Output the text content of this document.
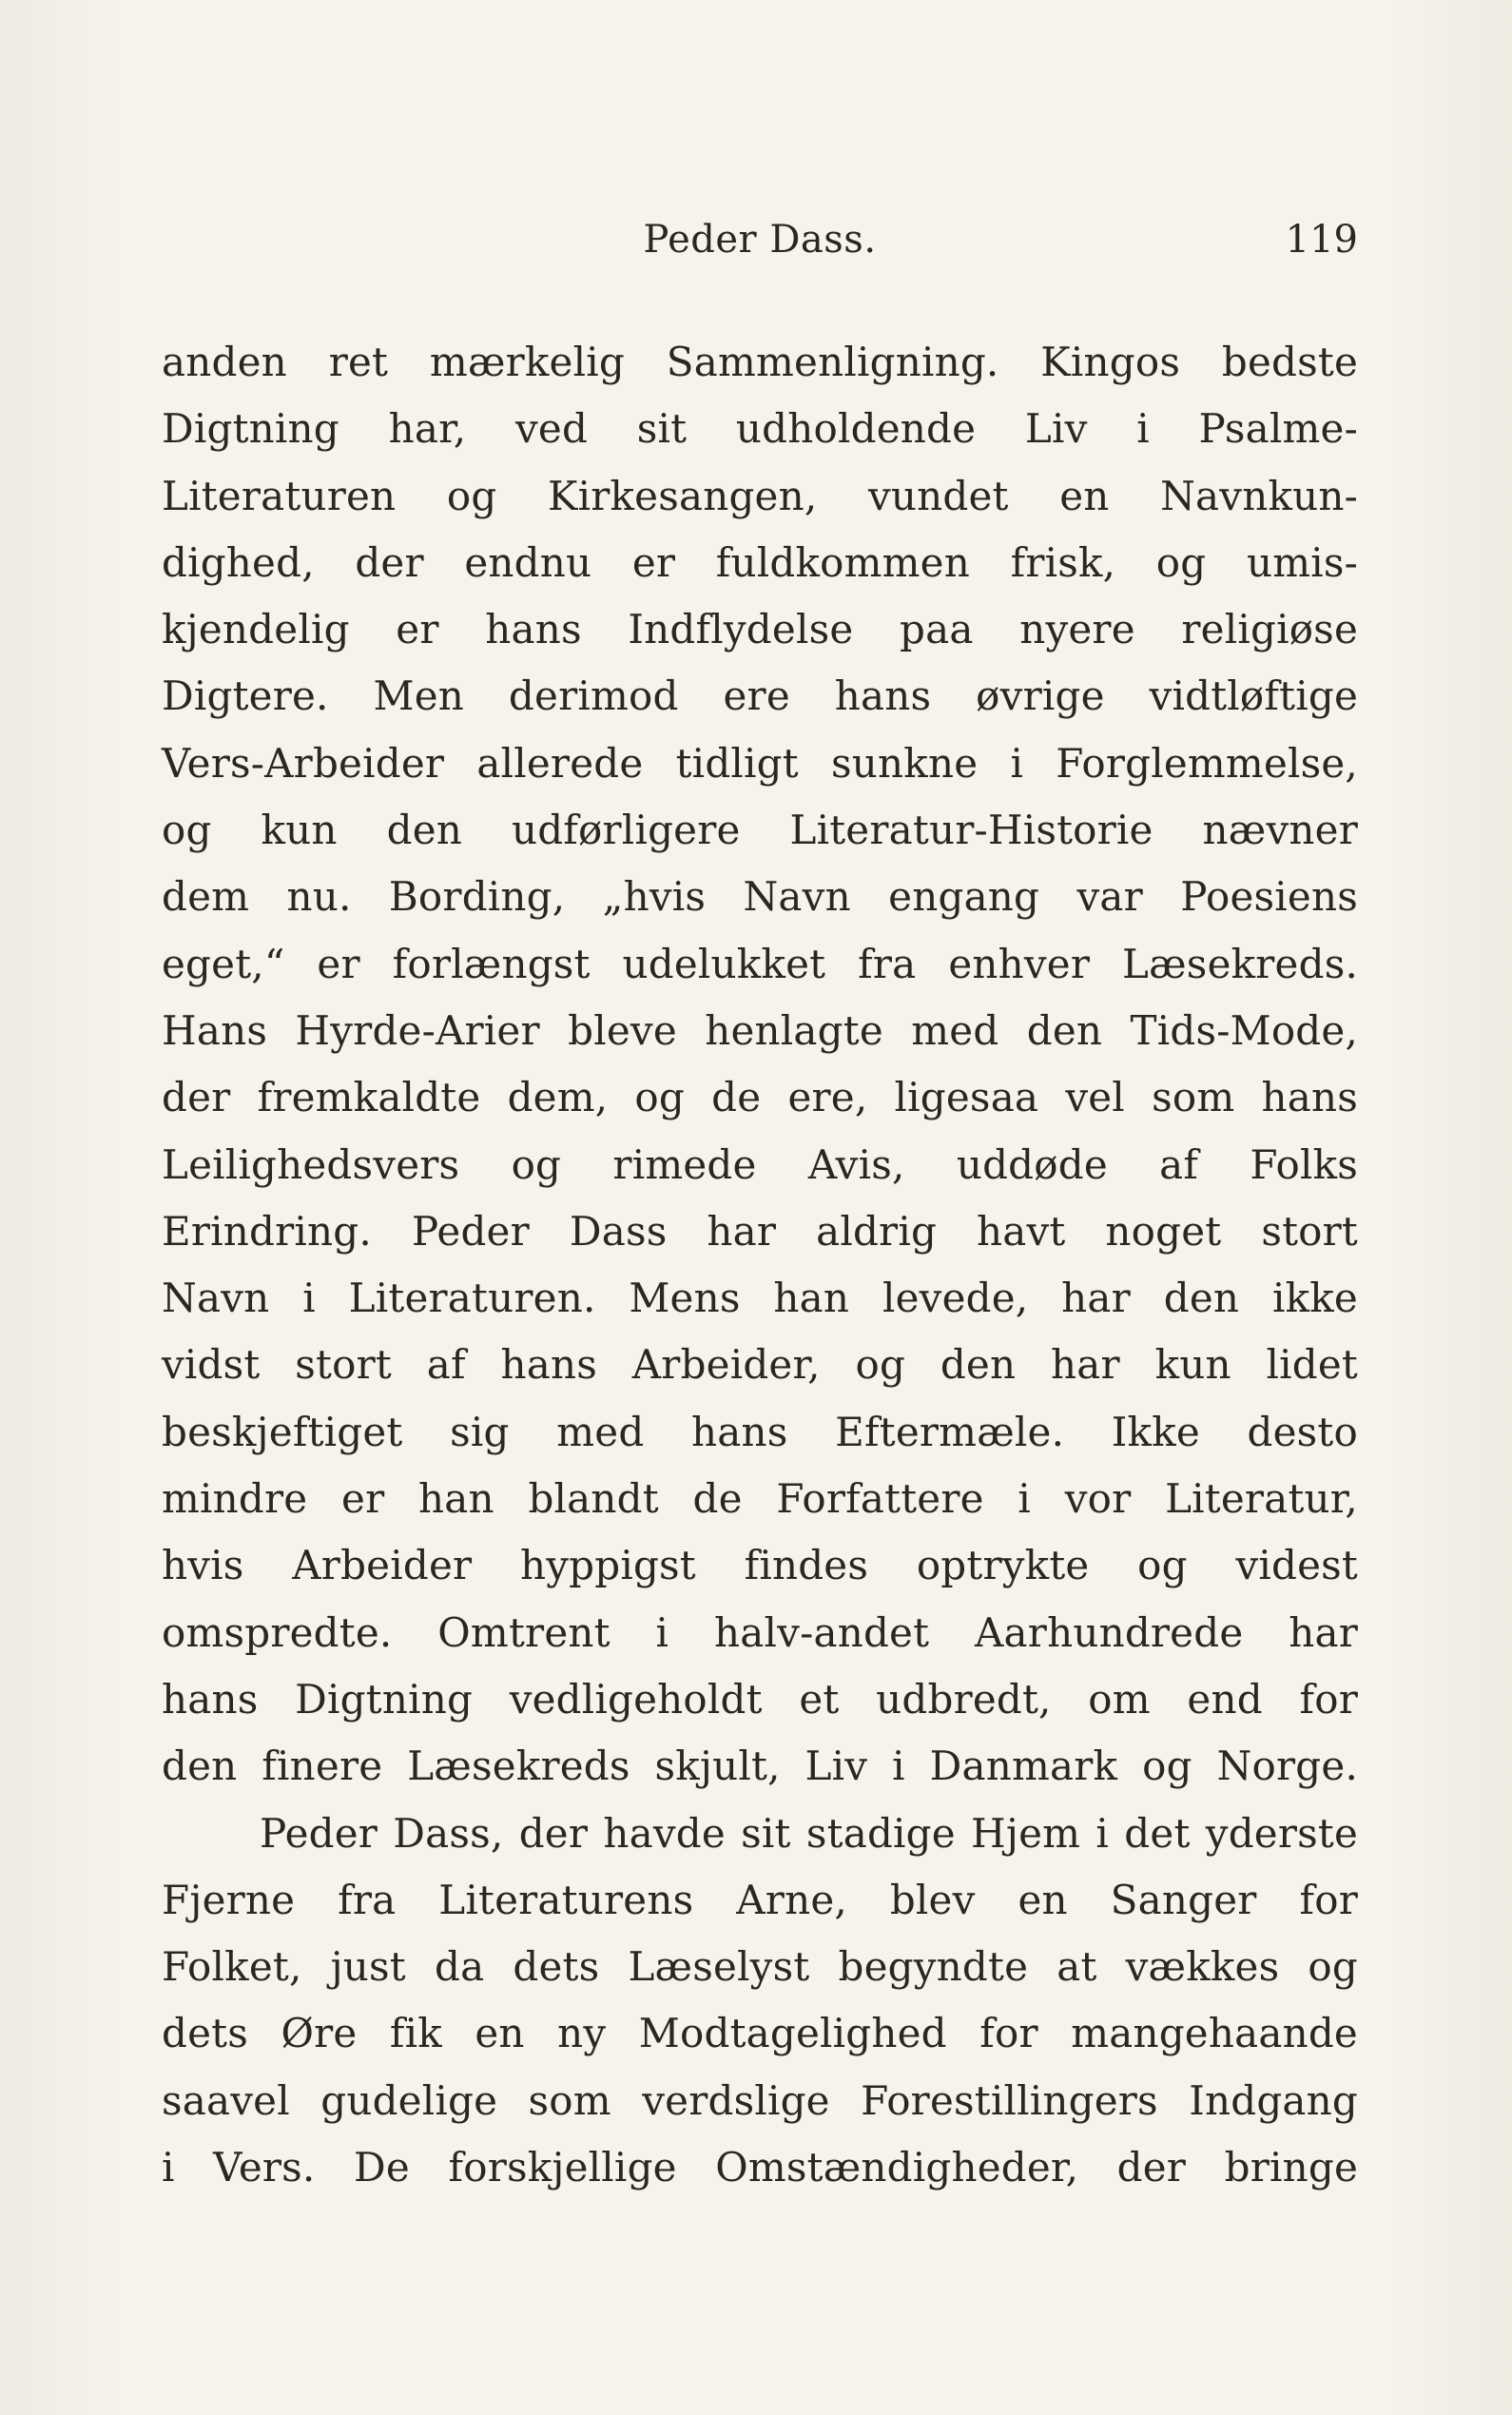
Peder Dass.	119
anden ret mærkelig Sammenligning. Kingos bedste
Digtning har, ved sit udholdende Liv i Psalme-
Literaturen og Kirkesangen, vundet en Navnkun-
dighed, der endnu er fuldkommen frisk, og umis-
kjendelig er hans Indflydelse paa nyere religiøse
Digtere. Men derimod ere hans øvrige vidtløftige
Vers-Arbeider allerede tidligt sunkne i Forglemmelse,
og kun den udførligere Literatur-Historie nævner
dem nu. Bording, „hvis Navn engang var Poesiens
eget,“ er forlængst udelukket fra enhver Læsekreds.
Hans Hyrde-Arier bleve henlagte med den Tids-Mode,
der fremkaldte dem, og de ere, ligesaa vel som hans
Leilighedsvers og rimede Avis, uddøde af Folks
Erindring. Peder Dass har aldrig havt noget stort
Navn i Literaturen. Mens han levede, har den ikke
vidst stort af hans Arbeider, og den har kun lidet
beskjeftiget sig med hans Eftermæle. Ikke desto
mindre er han blandt de Forfattere i vor Literatur,
hvis Arbeider hyppigst findes optrykte og videst
omspredte. Omtrent i halv-andet Aarhundrede har
hans Digtning vedligeholdt et udbredt, om end for
den finere Læsekreds skjult, Liv i Danmark og Norge.
Peder Dass, der havde sit stadige Hjem i det yderste
Fjerne fra Literaturens Arne, blev en Sanger for
Folket, just da dets Læselyst begyndte at vækkes og
dets Øre fik en ny Modtagelighed for mangehaande
saavel gudelige som verdslige Forestillingers Indgang
i Vers. De forskjellige Omstændigheder, der bringe
